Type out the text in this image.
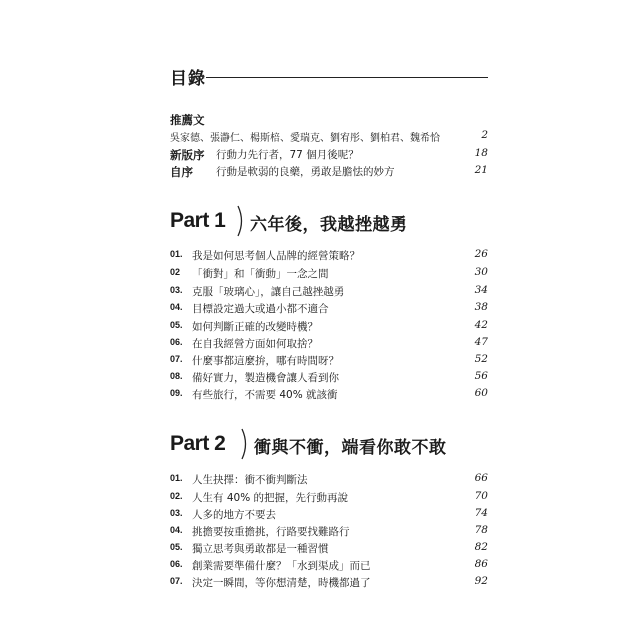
目錄
推薦文
吳家德、張瀞仁、楊斯棓、愛瑞克、劉宥彤、劉柏君、魏希恰	2
新版序 行動力先行者，77 個月後呢？	18
自序 行動是軟弱的良藥，勇敢是膽怯的妙方	21
Part 1 六年後，我越挫越勇
01. 我是如何思考個人品牌的經營策略？	26
02 「衝對」和「衝動」一念之間	30
03. 克服「玻璃心」，讓自己越挫越勇	34
04. 目標設定過大或過小都不適合	38
05. 如何判斷正確的改變時機？	42
06. 在自我經營方面如何取捨？	47
07. 什麼事都這麼拚，哪有時間呀？	52
08. 備好實力，製造機會讓人看到你	56
09. 有些旅行，不需要 40% 就該衝	60
Part 2 衝與不衝，端看你敢不敢
01. 人生抉擇：衝不衝判斷法	66
02. 人生有 40% 的把握，先行動再說	70
03. 人多的地方不要去	74
04. 挑擔要按重擔挑，行路要找難路行	78
05. 獨立思考與勇敢都是一種習慣	82
06. 創業需要準備什麼？「水到渠成」而已	86
07. 決定一瞬間，等你想清楚，時機都過了	92
